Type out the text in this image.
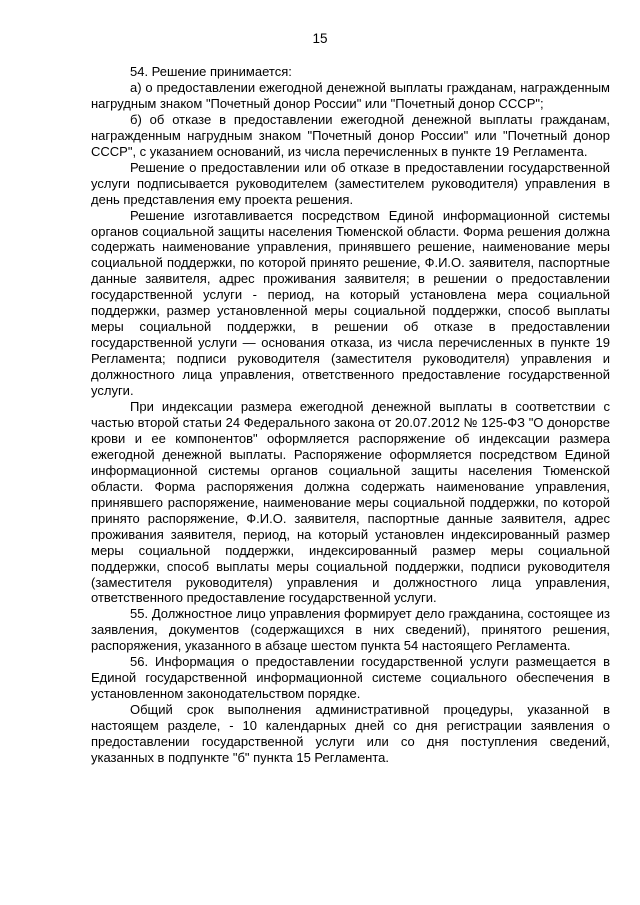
15

54. Решение принимается:

а) о предоставлении ежегодной денежной выплаты гражданам, награжденным нагрудным знаком "Почетный донор России" или "Почетный донор СССР";

б) об отказе в предоставлении ежегодной денежной выплаты гражданам, награжденным нагрудным знаком "Почетный донор России" или "Почетный донор СССР", с указанием оснований, из числа перечисленных в пункте 19 Регламента.

Решение о предоставлении или об отказе в предоставлении государственной услуги подписывается руководителем (заместителем руководителя) управления в день представления ему проекта решения.

Решение изготавливается посредством Единой информационной системы органов социальной защиты населения Тюменской области. Форма решения должна содержать наименование управления, принявшего решение, наименование меры социальной поддержки, по которой принято решение, Ф.И.О. заявителя, паспортные данные заявителя, адрес проживания заявителя; в решении о предоставлении государственной услуги - период, на который установлена мера социальной поддержки, размер установленной меры социальной поддержки, способ выплаты меры социальной поддержки, в решении об отказе в предоставлении государственной услуги — основания отказа, из числа перечисленных в пункте 19 Регламента; подписи руководителя (заместителя руководителя) управления и должностного лица управления, ответственного предоставление государственной услуги.

При индексации размера ежегодной денежной выплаты в соответствии с частью второй статьи 24 Федерального закона от 20.07.2012 № 125-ФЗ "О донорстве крови и ее компонентов" оформляется распоряжение об индексации размера ежегодной денежной выплаты. Распоряжение оформляется посредством Единой информационной системы органов социальной защиты населения Тюменской области. Форма распоряжения должна содержать наименование управления, принявшего распоряжение, наименование меры социальной поддержки, по которой принято распоряжение, Ф.И.О. заявителя, паспортные данные заявителя, адрес проживания заявителя, период, на который установлен индексированный размер меры социальной поддержки, индексированный размер меры социальной поддержки, способ выплаты меры социальной поддержки, подписи руководителя (заместителя руководителя) управления и должностного лица управления, ответственного предоставление государственной услуги.

55. Должностное лицо управления формирует дело гражданина, состоящее из заявления, документов (содержащихся в них сведений), принятого решения, распоряжения, указанного в абзаце шестом пункта 54 настоящего Регламента.

56. Информация о предоставлении государственной услуги размещается в Единой государственной информационной системе социального обеспечения в установленном законодательством порядке.

Общий срок выполнения административной процедуры, указанной в настоящем разделе, - 10 календарных дней со дня регистрации заявления о предоставлении государственной услуги или со дня поступления сведений, указанных в подпункте "б" пункта 15 Регламента.
